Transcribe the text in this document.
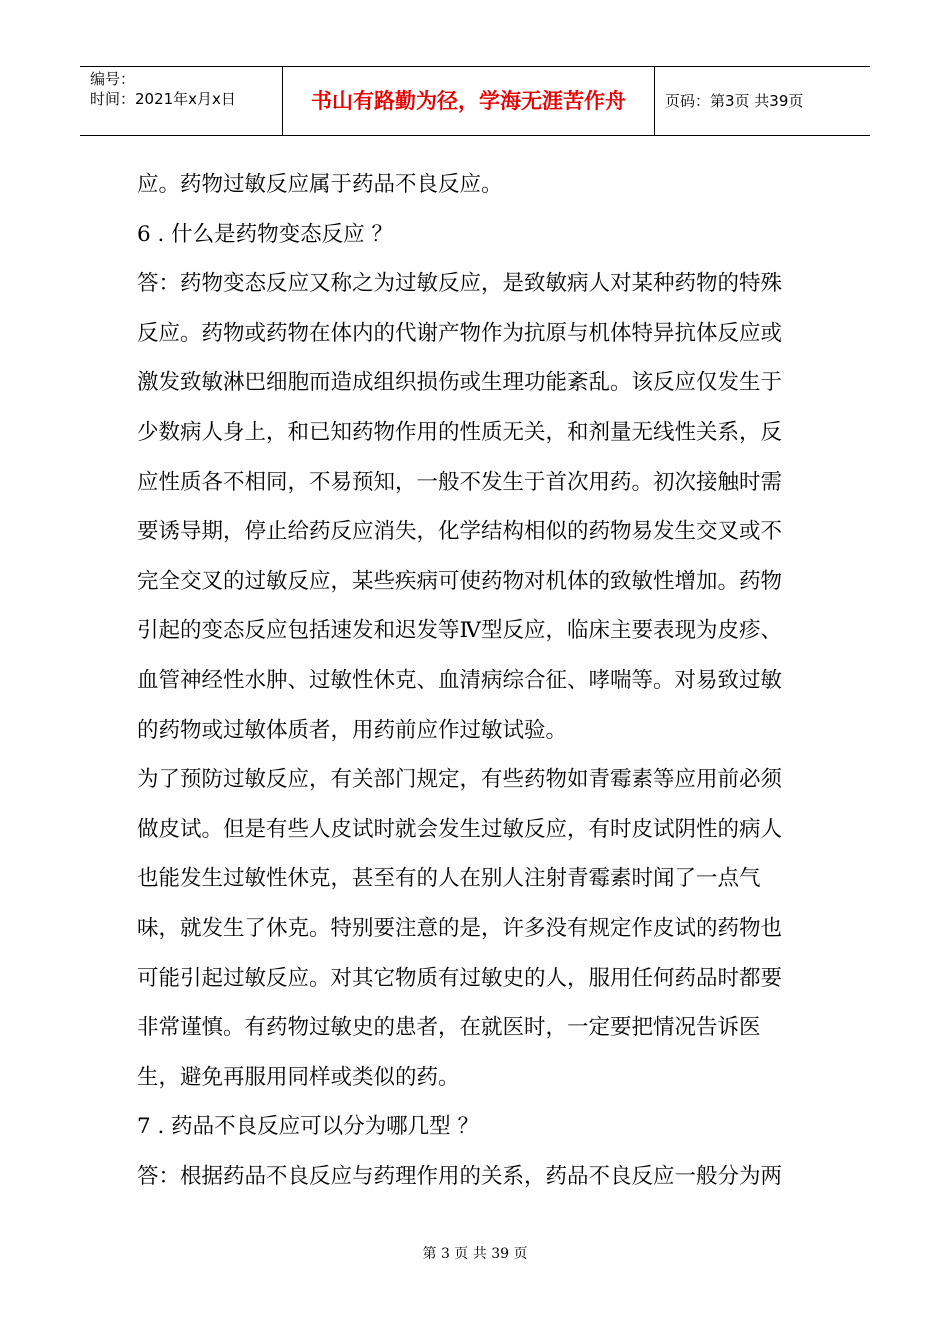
编号：
时间：2021年x月x日	书山有路勤为径，学海无涯苦作舟	页码：第3页 共39页
应。药物过敏反应属于药品不良反应。
6 . 什么是药物变态反应 ？
答：药物变态反应又称之为过敏反应，是致敏病人对某种药物的特殊
反应。药物或药物在体内的代谢产物作为抗原与机体特异抗体反应或
激发致敏淋巴细胞而造成组织损伤或生理功能紊乱。该反应仅发生于
少数病人身上，和已知药物作用的性质无关，和剂量无线性关系，反
应性质各不相同，不易预知，一般不发生于首次用药。初次接触时需
要诱导期，停止给药反应消失，化学结构相似的药物易发生交叉或不
完全交叉的过敏反应，某些疾病可使药物对机体的致敏性增加。药物
引起的变态反应包括速发和迟发等Ⅳ型反应，临床主要表现为皮疹、
血管神经性水肿、过敏性休克、血清病综合征、哮喘等。对易致过敏
的药物或过敏体质者，用药前应作过敏试验。
为了预防过敏反应，有关部门规定，有些药物如青霉素等应用前必须
做皮试。但是有些人皮试时就会发生过敏反应，有时皮试阴性的病人
也能发生过敏性休克，甚至有的人在别人注射青霉素时闻了一点气
味，就发生了休克。特别要注意的是，许多没有规定作皮试的药物也
可能引起过敏反应。对其它物质有过敏史的人，服用任何药品时都要
非常谨慎。有药物过敏史的患者，在就医时，一定要把情况告诉医
生，避免再服用同样或类似的药。
7 . 药品不良反应可以分为哪几型 ？
答：根据药品不良反应与药理作用的关系，药品不良反应一般分为两
第 3 页 共 39 页
